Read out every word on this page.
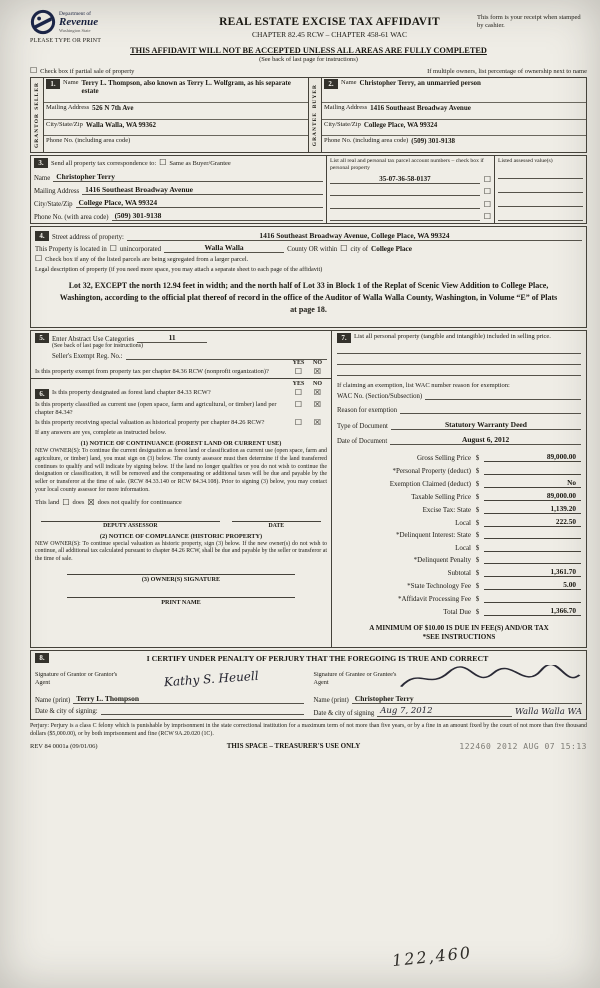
Department of
Revenue
Washington State
PLEASE TYPE OR PRINT
REAL ESTATE EXCISE TAX AFFIDAVIT
CHAPTER 82.45 RCW – CHAPTER 458-61 WAC
This form is your receipt when stamped by cashier.
THIS AFFIDAVIT WILL NOT BE ACCEPTED UNLESS ALL AREAS ARE FULLY COMPLETED
(See back of last page for instructions)
☐ Check box if partial sale of property	If multiple owners, list percentage of ownership next to name
SELLER
GRANTOR
1.	Name Terry L. Thompson, also known as Terry L. Wolfgram, as his separate estate
Mailing Address 526 N 7th Ave
City/State/Zip Walla Walla, WA 99362
Phone No. (including area code)
BUYER
GRANTEE
2.	Name Christopher Terry, an unmarried person
Mailing Address 1416 Southeast Broadway Avenue
City/State/Zip College Place, WA 99324
Phone No. (including area code) (509) 301-9138
3.	Send all property tax correspondence to: ☐ Same as Buyer/Grantee
Name Christopher Terry
Mailing Address 1416 Southeast Broadway Avenue
City/State/Zip College Place, WA 99324
Phone No. (with area code) (509) 301-9138
List all real and personal tax parcel account numbers – check box if personal property
35-07-36-58-0137	☐
☐
☐
☐
Listed assessed value(s)
4.	Street address of property:	1416 Southeast Broadway Avenue, College Place, WA 99324
This Property is located in ☐ unincorporated	Walla Walla	County OR within ☐ city of College Place
☐ Check box if any of the listed parcels are being segregated from a larger parcel.
Legal description of property (if you need more space, you may attach a separate sheet to each page of the affidavit)
Lot 32, EXCEPT the north 12.94 feet in width; and the north half of Lot 33 in Block 1 of the Replat of Scenic View Addition to College Place, Washington, according to the official plat thereof of record in the office of the Auditor of Walla Walla County, Washington, in Volume “E” of Plats at page 18.
5.	Enter Abstract Use Categories	11
(See back of last page for instructions)
Seller's Exempt Reg. No.:
YES	NO
Is this property exempt from property tax per chapter 84.36 RCW (nonprofit organization)?	☐	☒
YES	NO
6.	Is this property designated as forest land chapter 84.33 RCW?	☐	☒
Is this property classified as current use (open space, farm and agricultural, or timber) land per chapter 84.34?
☐	☒
Is this property receiving special valuation as historical property per chapter 84.26 RCW?	☐	☒
If any answers are yes, complete as instructed below.
(1) NOTICE OF CONTINUANCE (FOREST LAND OR CURRENT USE)
NEW OWNER(S): To continue the current designation as forest land or classification as current use (open space, farm and agriculture, or timber) land, you must sign on (3) below. The county assessor must then determine if the land transferred continues to qualify and will indicate by signing below. If the land no longer qualifies or you do not wish to continue the designation or classification, it will be removed and the compensating or additional taxes will be due and payable by the seller or transferor at the time of sale. (RCW 84.33.140 or RCW 84.34.108). Prior to signing (3) below, you may contact your local county assessor for more information.
This land ☐ does ☒ does not qualify for continuance
DEPUTY ASSESSOR	DATE
(2) NOTICE OF COMPLIANCE (HISTORIC PROPERTY)
NEW OWNER(S): To continue special valuation as historic property, sign (3) below. If the new owner(s) do not wish to continue, all additional tax calculated pursuant to chapter 84.26 RCW, shall be due and payable by the seller or transferor at the time of sale.
(3) OWNER(S) SIGNATURE
PRINT NAME
7.	List all personal property (tangible and intangible) included in selling price.
If claiming an exemption, list WAC number reason for exemption:
WAC No. (Section/Subsection)
Reason for exemption
Type of Document	Statutory Warranty Deed
Date of Document	August 6, 2012
Gross Selling Price $	89,000.00
*Personal Property (deduct) $
Exemption Claimed (deduct) $	No
Taxable Selling Price $	89,000.00
Excise Tax: State $	1,139.20
Local $	222.50
*Delinquent Interest: State $
Local $
*Delinquent Penalty $
Subtotal $	1,361.70
*State Technology Fee $	5.00
*Affidavit Processing Fee $
Total Due $	1,366.70
A MINIMUM OF $10.00 IS DUE IN FEE(S) AND/OR TAX
*SEE INSTRUCTIONS
8.	I CERTIFY UNDER PENALTY OF PERJURY THAT THE FOREGOING IS TRUE AND CORRECT
Signature of Grantor or Grantor's Agent	Kathy S. Heuell
Name (print) Terry L. Thompson
Date & city of signing:
Signature of Grantee or Grantee's Agent
Name (print) Christopher Terry
Date & city of signing Aug 7, 2012	Walla Walla WA
Perjury: Perjury is a class C felony which is punishable by imprisonment in the state correctional institution for a maximum term of not more than five years, or by a fine in an amount fixed by the court of not more than five thousand dollars ($5,000.00), or by both imprisonment and fine (RCW 9A.20.020 (1C).
REV 84 0001a (09/01/06)	THIS SPACE – TREASURER'S USE ONLY	122460 2012 AUG 07 15:13
122,460
